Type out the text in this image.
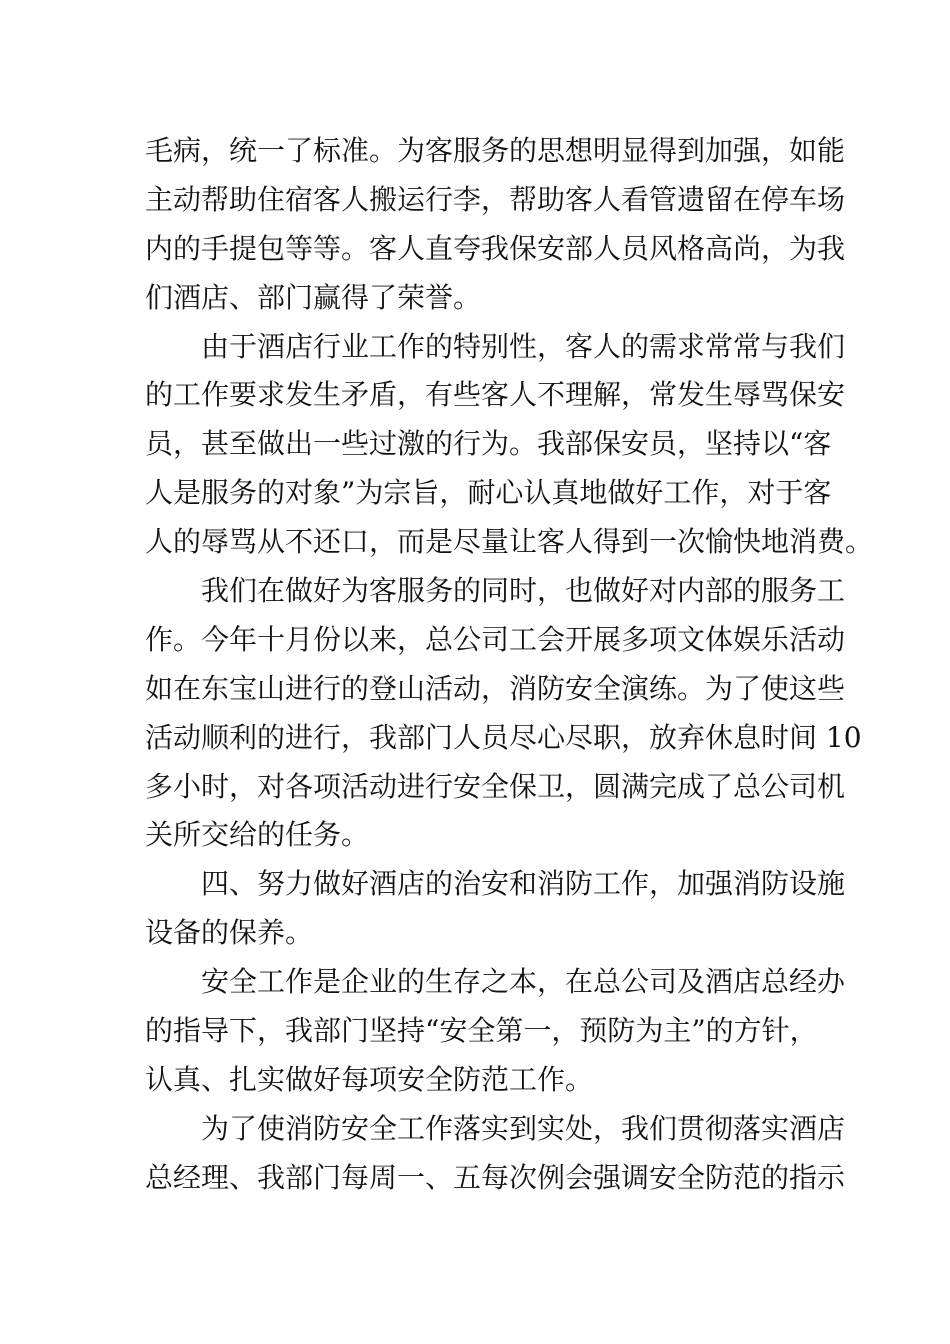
毛病，统一了标准。为客服务的思想明显得到加强，如能
主动帮助住宿客人搬运行李，帮助客人看管遗留在停车场
内的手提包等等。客人直夸我保安部人员风格高尚，为我
们酒店、部门赢得了荣誉。
由于酒店行业工作的特别性，客人的需求常常与我们
的工作要求发生矛盾，有些客人不理解，常发生辱骂保安
员，甚至做出一些过激的行为。我部保安员，坚持以“客
人是服务的对象”为宗旨，耐心认真地做好工作，对于客
人的辱骂从不还口，而是尽量让客人得到一次愉快地消费。
我们在做好为客服务的同时，也做好对内部的服务工
作。今年十月份以来，总公司工会开展多项文体娱乐活动
如在东宝山进行的登山活动，消防安全演练。为了使这些
活动顺利的进行，我部门人员尽心尽职，放弃休息时间 10
多小时，对各项活动进行安全保卫，圆满完成了总公司机
关所交给的任务。
四、努力做好酒店的治安和消防工作，加强消防设施
设备的保养。
安全工作是企业的生存之本，在总公司及酒店总经办
的指导下，我部门坚持“安全第一，预防为主”的方针，
认真、扎实做好每项安全防范工作。
为了使消防安全工作落实到实处，我们贯彻落实酒店
总经理、我部门每周一、五每次例会强调安全防范的指示
